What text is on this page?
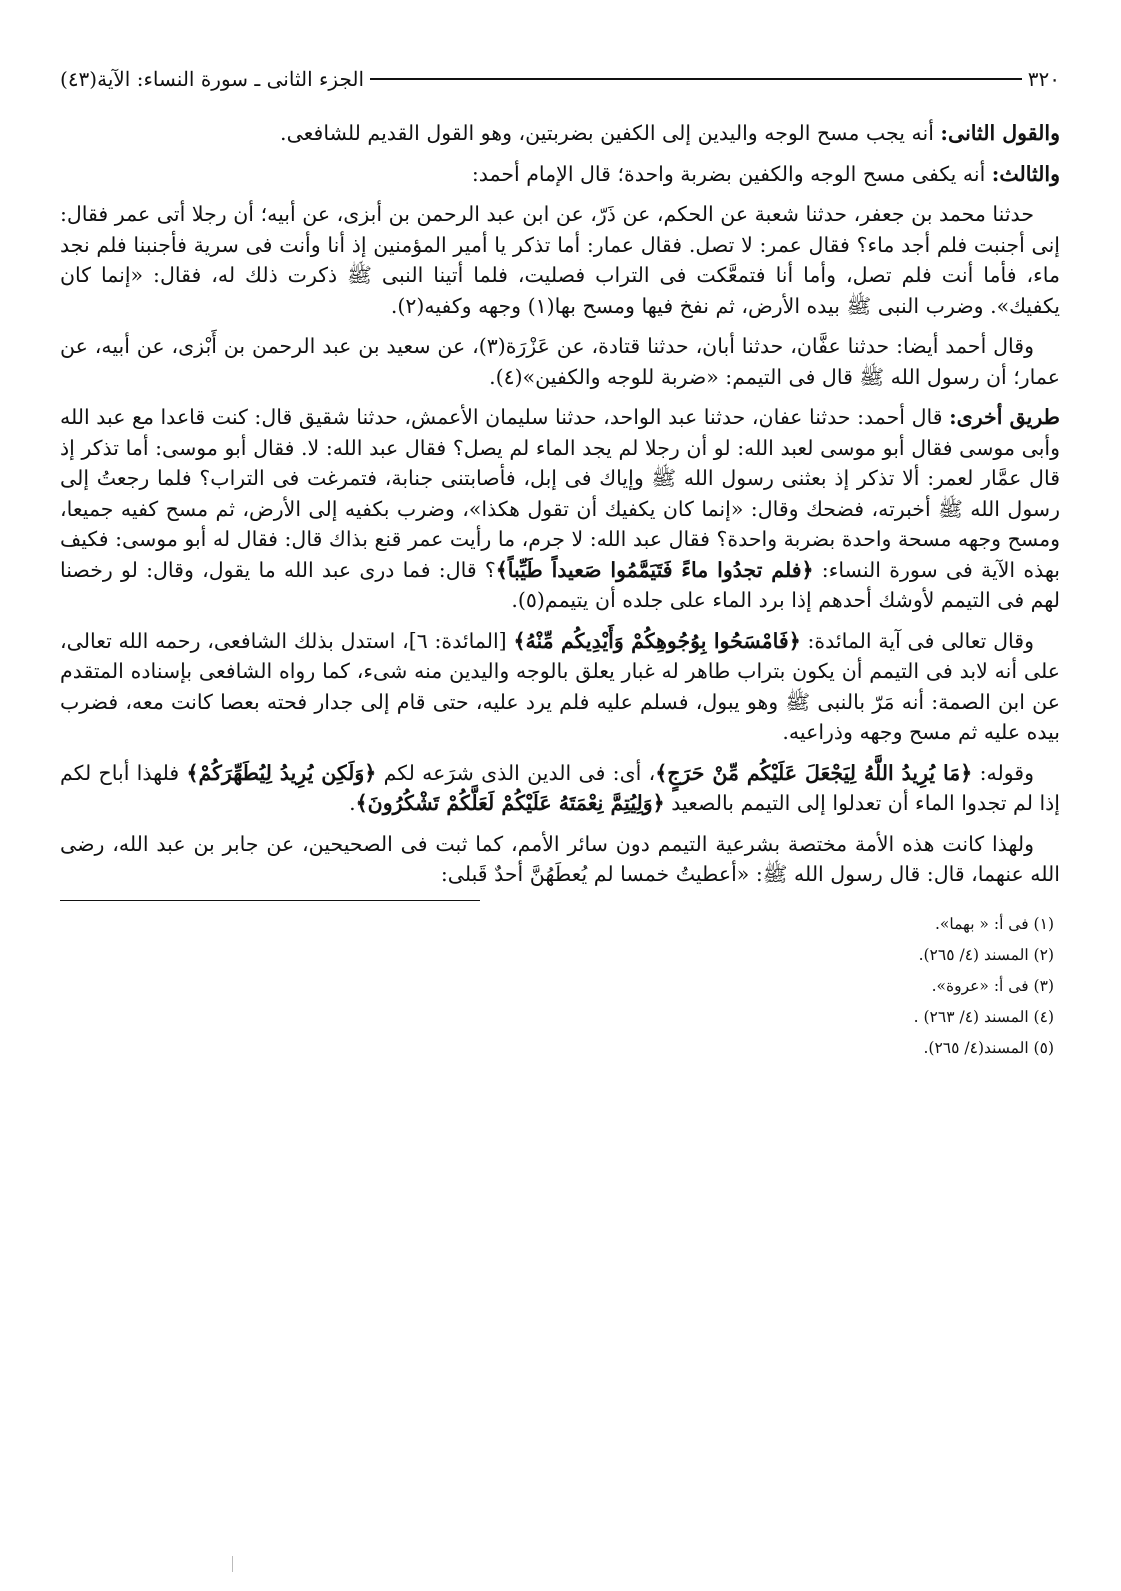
٣٢٠
الجزء الثانى ـ سورة النساء: الآية(٤٣)

والقول الثانى: أنه يجب مسح الوجه واليدين إلى الكفين بضربتين، وهو القول القديم للشافعى.

والثالث: أنه يكفى مسح الوجه والكفين بضربة واحدة؛ قال الإمام أحمد:

حدثنا محمد بن جعفر، حدثنا شعبة عن الحكم، عن ذَرّ، عن ابن عبد الرحمن بن أبزى، عن أبيه؛ أن رجلا أتى عمر فقال: إنى أجنبت فلم أجد ماء؟ فقال عمر: لا تصل. فقال عمار: أما تذكر يا أمير المؤمنين إذ أنا وأنت فى سرية فأجنبنا فلم نجد ماء، فأما أنت فلم تصل، وأما أنا فتمعَّكت فى التراب فصليت، فلما أتينا النبى ﷺ ذكرت ذلك له، فقال: «إنما كان يكفيك». وضرب النبى ﷺ بيده الأرض، ثم نفخ فيها ومسح بها(١) وجهه وكفيه(٢).

وقال أحمد أيضا: حدثنا عفَّان، حدثنا أبان، حدثنا قتادة، عن عَزْرَة(٣)، عن سعيد بن عبد الرحمن بن أَبْزى، عن أبيه، عن عمار؛ أن رسول الله ﷺ قال فى التيمم: «ضربة للوجه والكفين»(٤).

طريق أخرى: قال أحمد: حدثنا عفان، حدثنا عبد الواحد، حدثنا سليمان الأعمش، حدثنا شقيق قال: كنت قاعدا مع عبد الله وأبى موسى فقال أبو موسى لعبد الله: لو أن رجلا لم يجد الماء لم يصل؟ فقال عبد الله: لا. فقال أبو موسى: أما تذكر إذ قال عمَّار لعمر: ألا تذكر إذ بعثنى رسول الله ﷺ وإياك فى إبل، فأصابتنى جنابة، فتمرغت فى التراب؟ فلما رجعتُ إلى رسول الله ﷺ أخبرته، فضحك وقال: «إنما كان يكفيك أن تقول هكذا»، وضرب بكفيه إلى الأرض، ثم مسح كفيه جميعا، ومسح وجهه مسحة واحدة بضربة واحدة؟ فقال عبد الله: لا جرم، ما رأيت عمر قنع بذاك قال: فقال له أبو موسى: فكيف بهذه الآية فى سورة النساء: ﴿فلم تجدُوا ماءً فَتَيَمَّمُوا صَعيداً طَيِّباً﴾؟ قال: فما درى عبد الله ما يقول، وقال: لو رخصنا لهم فى التيمم لأوشك أحدهم إذا برد الماء على جلده أن يتيمم(٥).

وقال تعالى فى آية المائدة: ﴿فَامْسَحُوا بِوُجُوهِكُمْ وَأَيْدِيكُم مِّنْهُ﴾ [المائدة: ٦]، استدل بذلك الشافعى، رحمه الله تعالى، على أنه لابد فى التيمم أن يكون بتراب طاهر له غبار يعلق بالوجه واليدين منه شىء، كما رواه الشافعى بإسناده المتقدم عن ابن الصمة: أنه مَرّ بالنبى ﷺ وهو يبول، فسلم عليه فلم يرد عليه، حتى قام إلى جدار فحته بعصا كانت معه، فضرب بيده عليه ثم مسح وجهه وذراعيه.

وقوله: ﴿مَا يُرِيدُ اللَّهُ لِيَجْعَلَ عَلَيْكُم مِّنْ حَرَجٍ﴾، أى: فى الدين الذى شرَعه لكم ﴿وَلَكِن يُرِيدُ لِيُطَهِّرَكُمْ﴾ فلهذا أباح لكم إذا لم تجدوا الماء أن تعدلوا إلى التيمم بالصعيد ﴿وَلِيُتِمَّ نِعْمَتَهُ عَلَيْكُمْ لَعَلَّكُمْ تَشْكُرُونَ﴾.

ولهذا كانت هذه الأمة مختصة بشرعية التيمم دون سائر الأمم، كما ثبت فى الصحيحين، عن جابر بن عبد الله، رضى الله عنهما، قال: قال رسول الله ﷺ: «أعطيتُ خمسا لم يُعطَهُنَّ أحدٌ قَبلى:

(١) فى أ: « بهما».
(٢) المسند (٤/ ٢٦٥).
(٣) فى أ: «عروة».
(٤) المسند (٤/ ٢٦٣) .
(٥) المسند(٤/ ٢٦٥).
